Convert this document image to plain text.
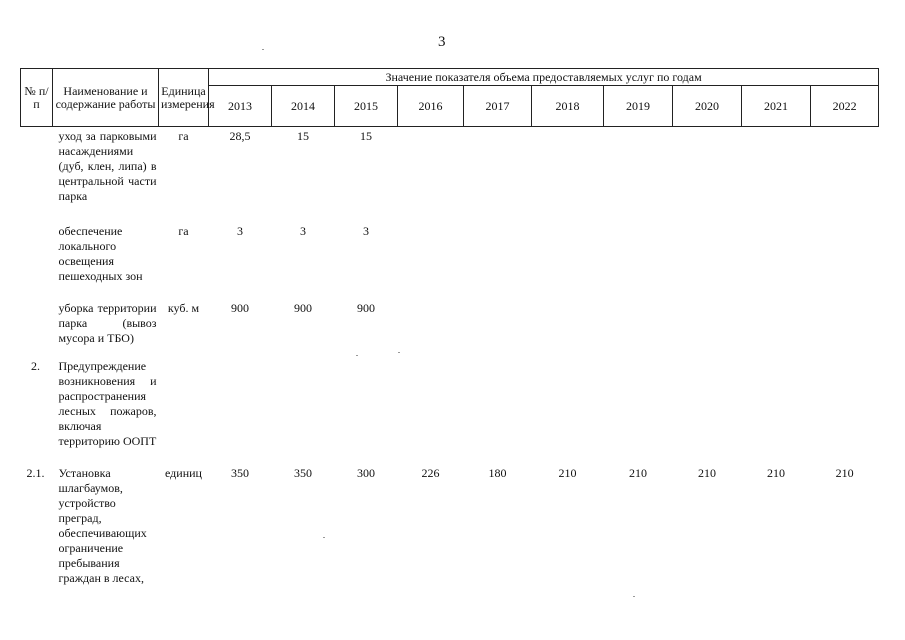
3
№ п/п	Наименование и содержание работы	Единица измерения	Значение показателя объема предоставляемых услуг по годам									
			2013	2014	2015	2016	2017	2018	2019	2020	2021	2022
	уход за парковыми насаждениями (дуб, клен, липа) в центральной части парка	га	28,5	15	15							
	обеспечение локального освещения пешеходных зон	га	3	3	3							
	уборка территории парка (вывоз мусора и ТБО)	куб. м	900	900	900							
2.	Предупреждение возникновения и распространения лесных пожаров, включая территорию ООПТ											
2.1.	Установка шлагбаумов, устройство преград, обеспечивающих ограничение пребывания граждан в лесах,	единиц	350	350	300	226	180	210	210	210	210	210
